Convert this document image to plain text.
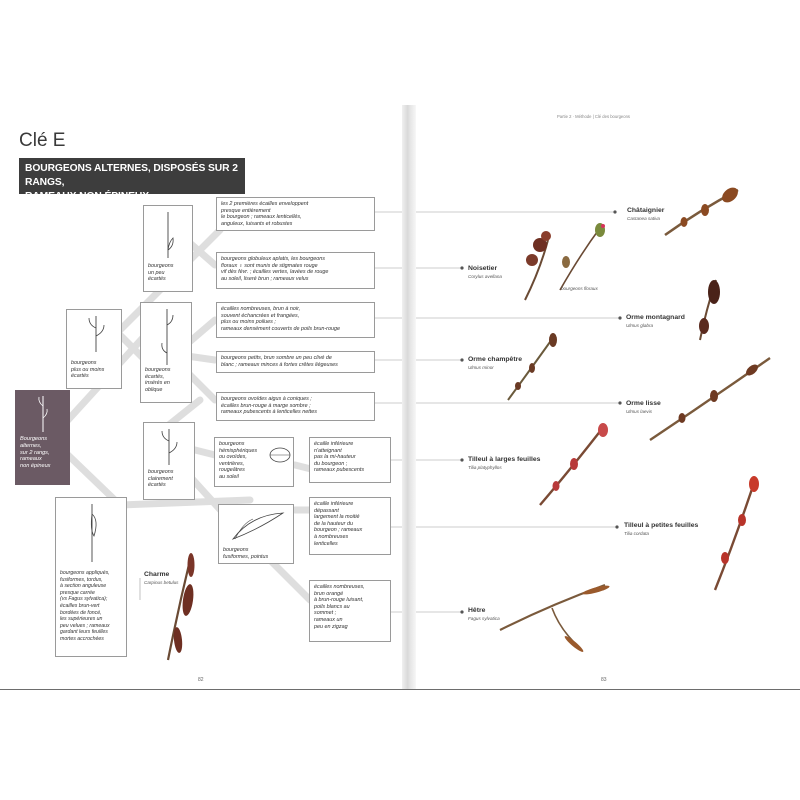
Partie 2 · Méthode | Clé des bourgeons
Clé E
BOURGEONS ALTERNES, DISPOSÉS SUR 2 RANGS,
RAMEAUX NON ÉPINEUX
Bourgeons
alternes,
sur 2 rangs,
rameaux
non épineux
bourgeons
plus ou moins
écartés
bourgeons
un peu
écartés
bourgeons
écartés,
insérés en
oblique
bourgeons
clairement
écartés
bourgeons appliqués,
fusiformes, tordus,
à section anguleuse
presque carrée
(vs Fagus sylvatica);
écailles brun-vert
bordées de foncé,
les supérieures un
peu velues ; rameaux
gardant leurs feuilles
mortes accrochées
bourgeons
hémisphériques
ou ovoïdes,
ventrières,
rougeâtres
au soleil
bourgeons
fusiformes, pointus
les 2 premières écailles enveloppent
presque entièrement
le bourgeon ; rameaux lenticellés,
anguleux, luisants et robustes
bourgeons globuleux aplatis, les bourgeons
floraux ♀ sont munis de stigmates rouge
vif dès févr. ; écailles vertes, lavées de rouge
au soleil, liseré brun ; rameaux velus
écailles nombreuses, brun à noir,
souvent échancrées et frangées,
plus ou moins poilues ;
rameaux densément couverts de poils brun-rouge
bourgeons petits, brun sombre un peu clivé de
blanc ; rameaux minces à fortes crêtes liégeuses
bourgeons ovoïdes aigus à coniques ;
écailles brun-rouge à marge sombre ;
rameaux pubescents à lenticelles nettes
écaille inférieure
n'atteignant
pas la mi-hauteur
du bourgeon ;
rameaux pubescents
écaille inférieure
dépassant
largement la moitié
de la hauteur du
bourgeon ; rameaux
à nombreuses
lenticelles
écailles nombreuses,
brun orangé
à brun-rouge luisant,
poils blancs au
sommet ;
rameaux un
peu en zigzag
Charme
Carpinus betulus
Châtaignier
Castanea sativa
Noisetier
Corylus avellana
bourgeons floraux
Orme montagnard
Ulmus glabra
Orme champêtre
Ulmus minor
Orme lisse
Ulmus laevis
Tilleul à larges feuilles
Tilia platyphyllos
Tilleul à petites feuilles
Tilia cordata
Hêtre
Fagus sylvatica
82	83
